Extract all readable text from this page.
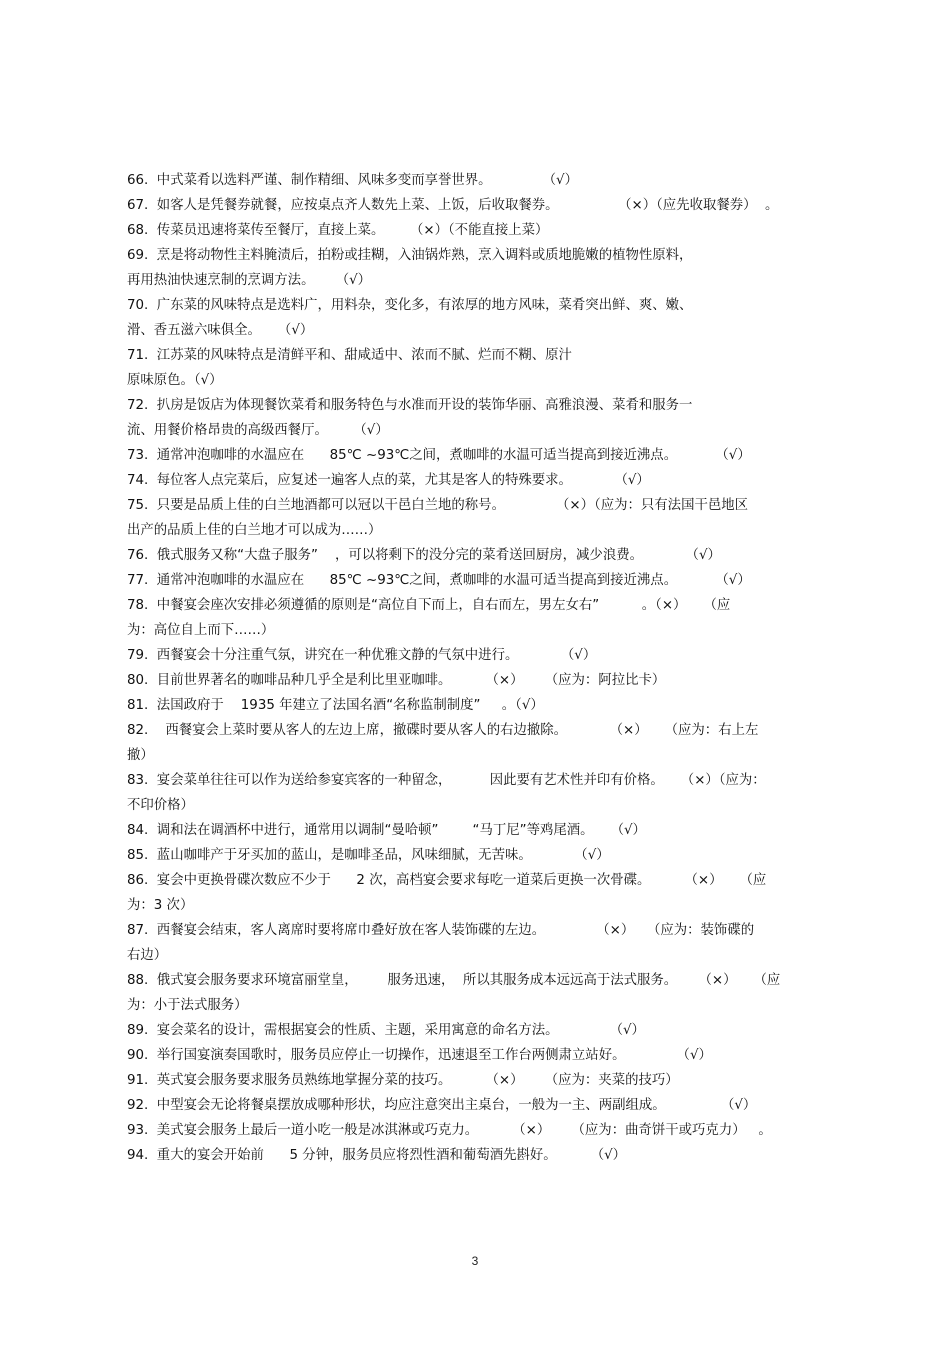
66.  中式菜肴以选料严谨、制作精细、风味多变而享誉世界。            （√）
67.  如客人是凭餐券就餐，应按桌点齐人数先上菜、上饭，后收取餐券。              （×）（应先收取餐券）  。
68.  传菜员迅速将菜传至餐厅，直接上菜。      （×）（不能直接上菜）
69.  烹是将动物性主料腌渍后，拍粉或挂糊，入油锅炸熟，烹入调料或质地脆嫩的植物性原料，
再用热油快速烹制的烹调方法。     （√）
70.  广东菜的风味特点是选料广，用料杂，变化多，有浓厚的地方风味，菜肴突出鲜、爽、嫩、
滑、香五滋六味俱全。    （√）
71.  江苏菜的风味特点是清鲜平和、甜咸适中、浓而不腻、烂而不糊、原汁
原味原色。（√）
72.  扒房是饭店为体现餐饮菜肴和服务特色与水准而开设的装饰华丽、高雅浪漫、菜肴和服务一
流、用餐价格昂贵的高级西餐厅。      （√）
73.  通常冲泡咖啡的水温应在      85℃ ~93℃之间，煮咖啡的水温可适当提高到接近沸点。         （√）
74.  每位客人点完菜后，应复述一遍客人点的菜，尤其是客人的特殊要求。          （√）
75.  只要是品质上佳的白兰地酒都可以冠以干邑白兰地的称号。            （×）（应为：只有法国干邑地区
出产的品质上佳的白兰地才可以成为……）
76.  俄式服务又称“大盘子服务”    ，可以将剩下的没分完的菜肴送回厨房，减少浪费。          （√）
77.  通常冲泡咖啡的水温应在      85℃ ~93℃之间，煮咖啡的水温可适当提高到接近沸点。         （√）
78.  中餐宴会座次安排必须遵循的原则是“高位自下而上，自右而左，男左女右”          。（×）    （应
为：高位自上而下……）
79.  西餐宴会十分注重气氛，讲究在一种优雅文静的气氛中进行。          （√）
80.  目前世界著名的咖啡品种几乎全是利比里亚咖啡。        （×）     （应为：阿拉比卡）
81.  法国政府于    1935 年建立了法国名酒“名称监制制度”     。（√）
82.    西餐宴会上菜时要从客人的左边上席，撤碟时要从客人的右边撤除。          （×）    （应为：右上左
撤）
83.  宴会菜单往往可以作为送给参宴宾客的一种留念，         因此要有艺术性并印有价格。    （×）（应为：
不印价格）
84.  调和法在调酒杯中进行，通常用以调制“曼哈顿”        “马丁尼”等鸡尾酒。    （√）
85.  蓝山咖啡产于牙买加的蓝山，是咖啡圣品，风味细腻，无苦味。          （√）
86.  宴会中更换骨碟次数应不少于      2 次，高档宴会要求每吃一道菜后更换一次骨碟。        （×）    （应
为：3 次）
87.  西餐宴会结束，客人离席时要将席巾叠好放在客人装饰碟的左边。            （×）   （应为：装饰碟的
右边）
88.  俄式宴会服务要求环境富丽堂皇，       服务迅速，  所以其服务成本远远高于法式服务。     （×）    （应
为：小于法式服务）
89.  宴会菜名的设计，需根据宴会的性质、主题，采用寓意的命名方法。            （√）
90.  举行国宴演奏国歌时，服务员应停止一切操作，迅速退至工作台两侧肃立站好。            （√）
91.  英式宴会服务要求服务员熟练地掌握分菜的技巧。        （×）     （应为：夹菜的技巧）
92.  中型宴会无论将餐桌摆放成哪种形状，均应注意突出主桌台，一般为一主、两副组成。             （√）
93.  美式宴会服务上最后一道小吃一般是冰淇淋或巧克力。        （×）     （应为：曲奇饼干或巧克力）   。
94.  重大的宴会开始前      5 分钟，服务员应将烈性酒和葡萄酒先斟好。        （√）
3
